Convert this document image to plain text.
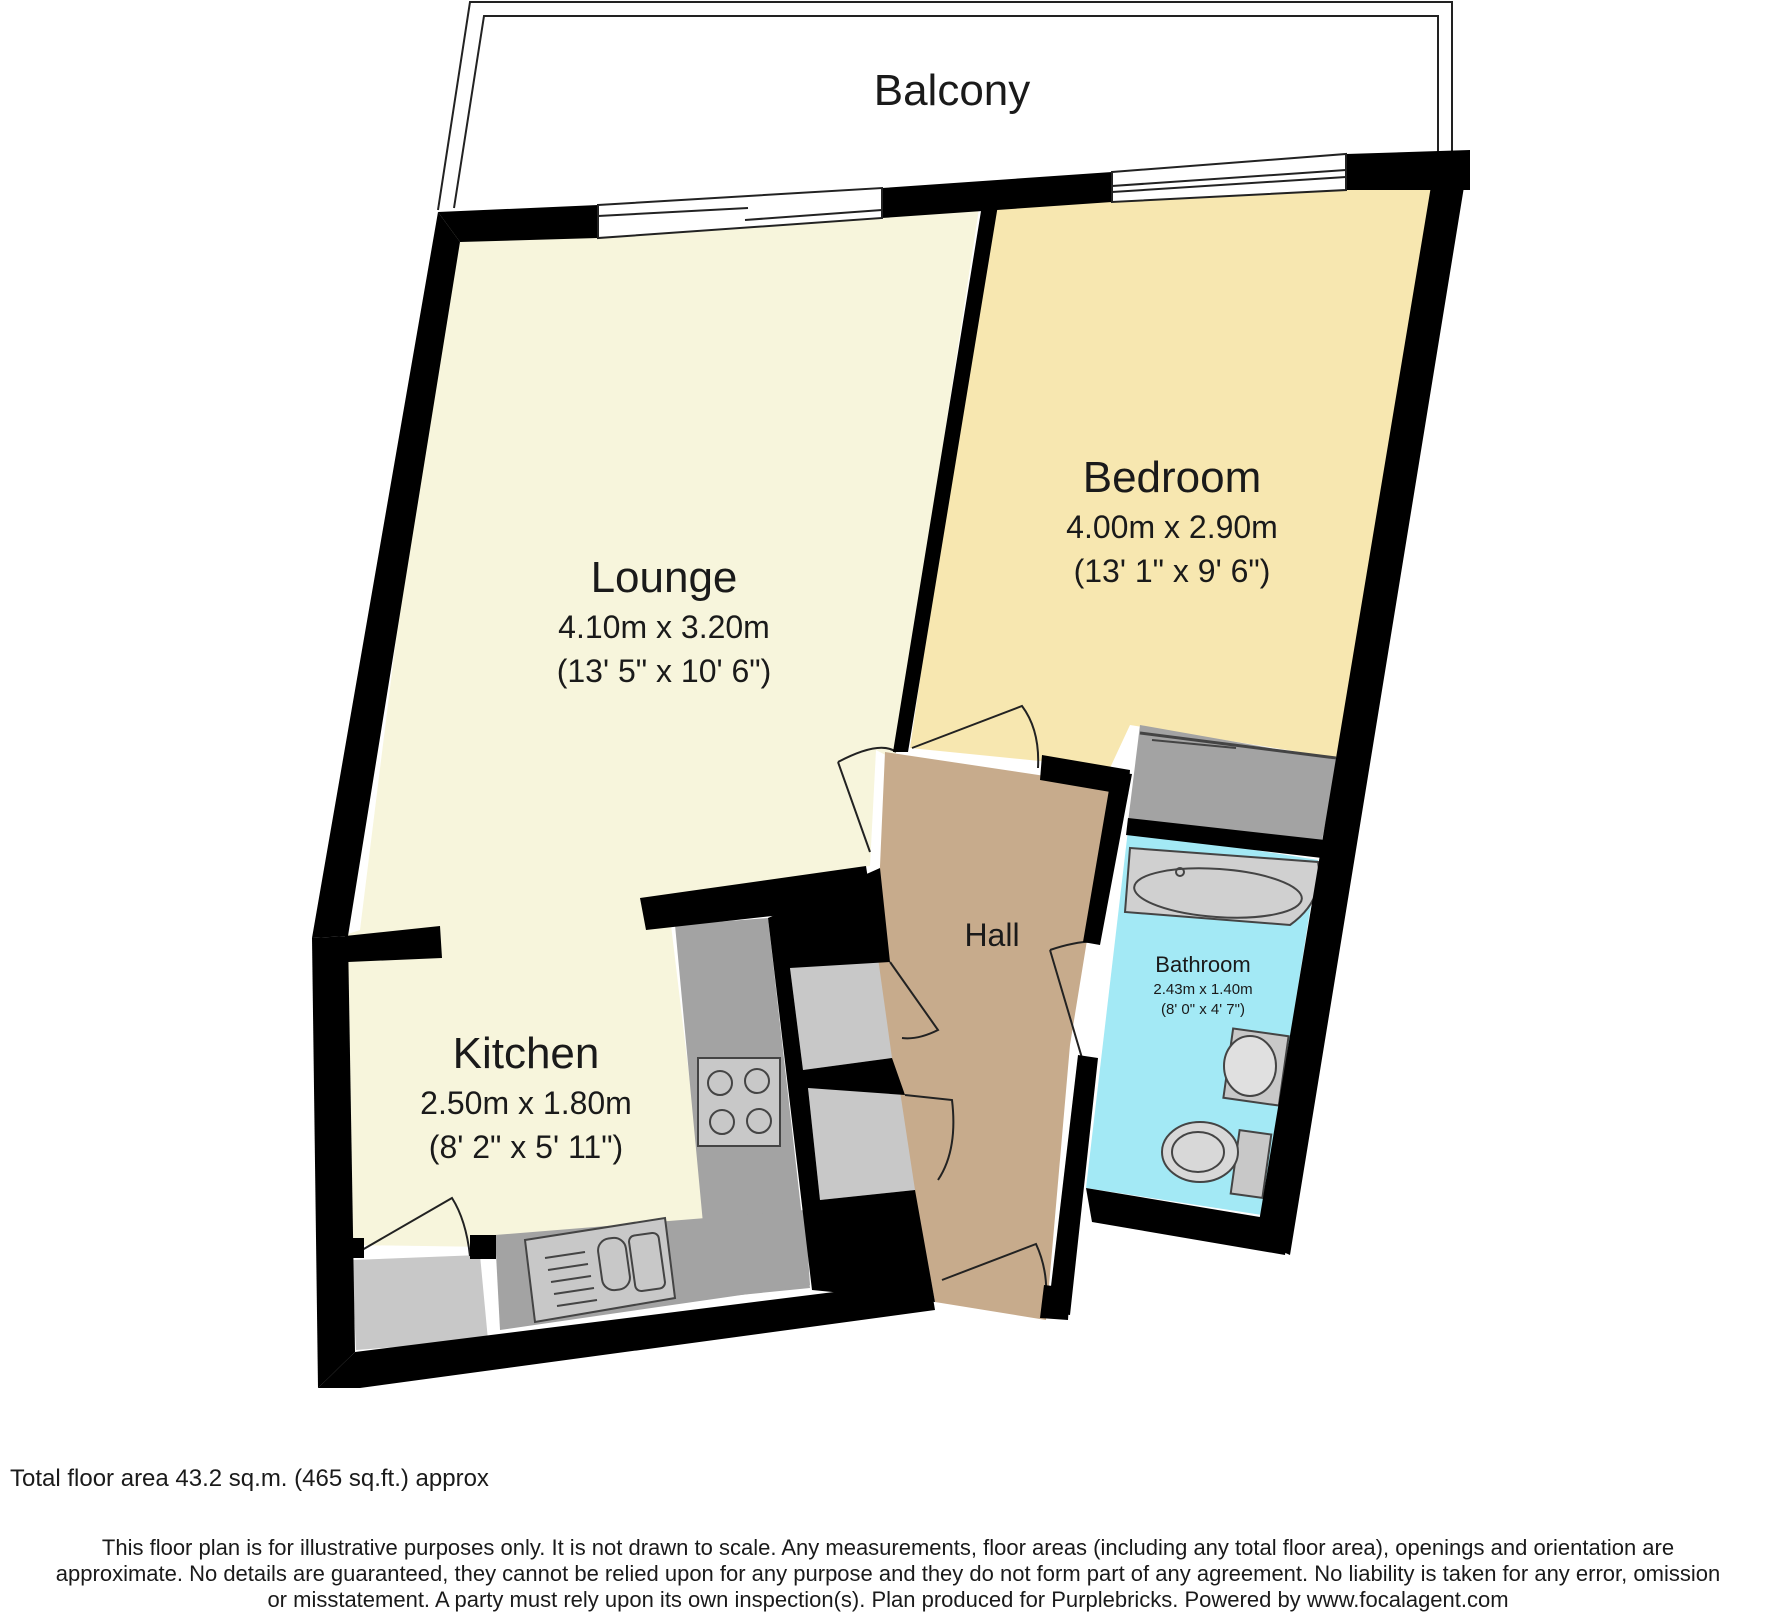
Balcony
Lounge
4.10m x 3.20m
(13' 5" x 10' 6")
Bedroom
4.00m x 2.90m
(13' 1" x 9' 6")
Hall
Bathroom
2.43m x 1.40m
(8' 0" x 4' 7")
Kitchen
2.50m x 1.80m
(8' 2" x 5' 11")
Total floor area 43.2 sq.m. (465 sq.ft.) approx
This floor plan is for illustrative purposes only. It is not drawn to scale. Any measurements, floor areas (including any total floor area), openings and orientation are
approximate. No details are guaranteed, they cannot be relied upon for any purpose and they do not form part of any agreement. No liability is taken for any error, omission
or misstatement. A party must rely upon its own inspection(s). Plan produced for Purplebricks. Powered by www.focalagent.com
